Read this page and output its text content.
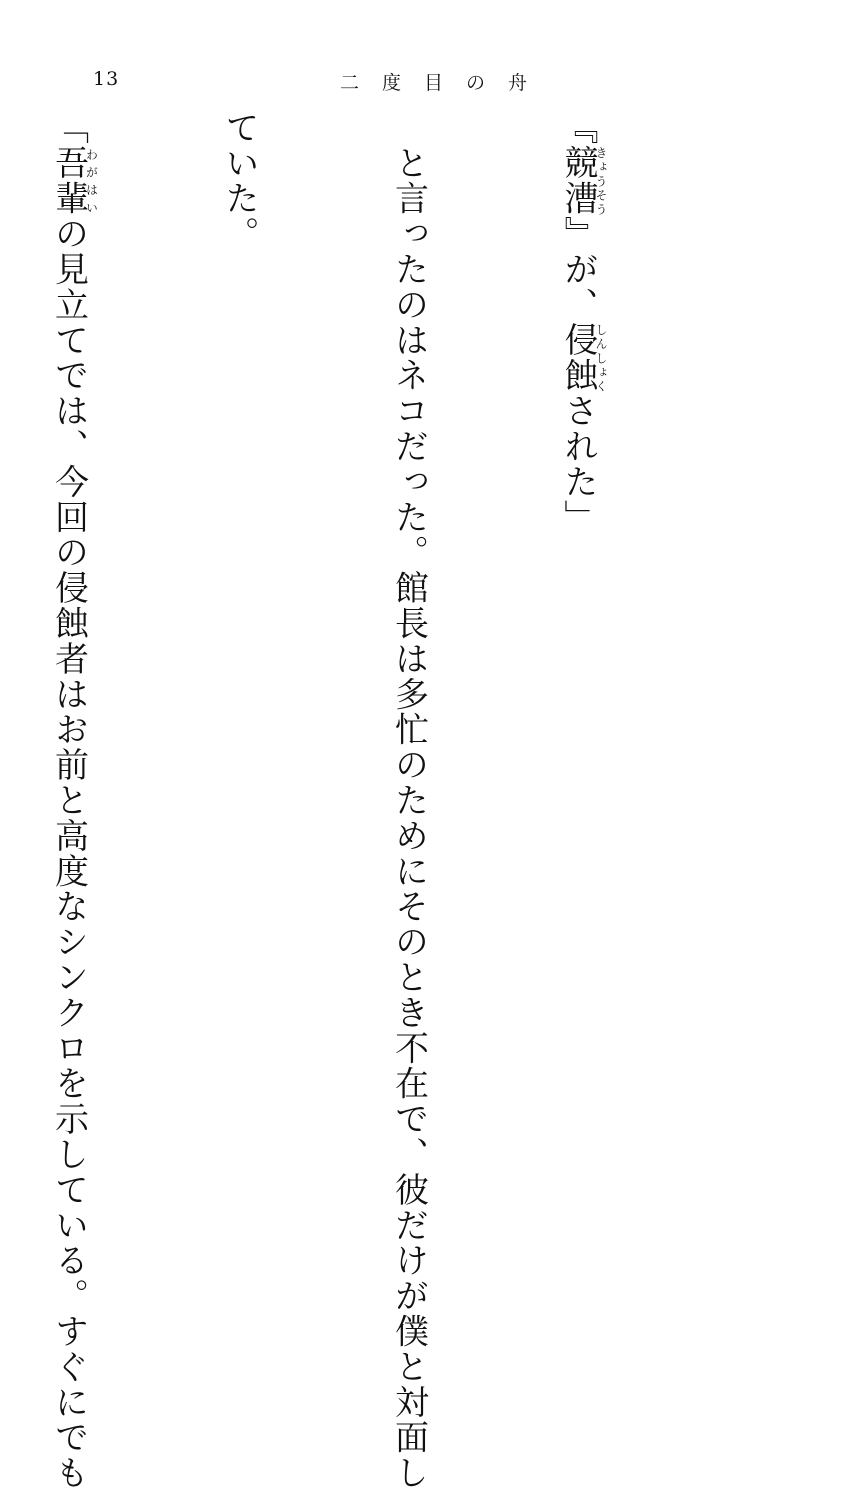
13	二度目の舟

『競漕きょうそう』が、侵蝕しんしょくされた」

　と言ったのはネコだった。館長は多忙のためにそのとき不在で、彼だけが僕と対面し

ていた。

「吾輩わがはいの見立てでは、今回の侵蝕者はお前と高度なシンクロを示している。すぐにでも
